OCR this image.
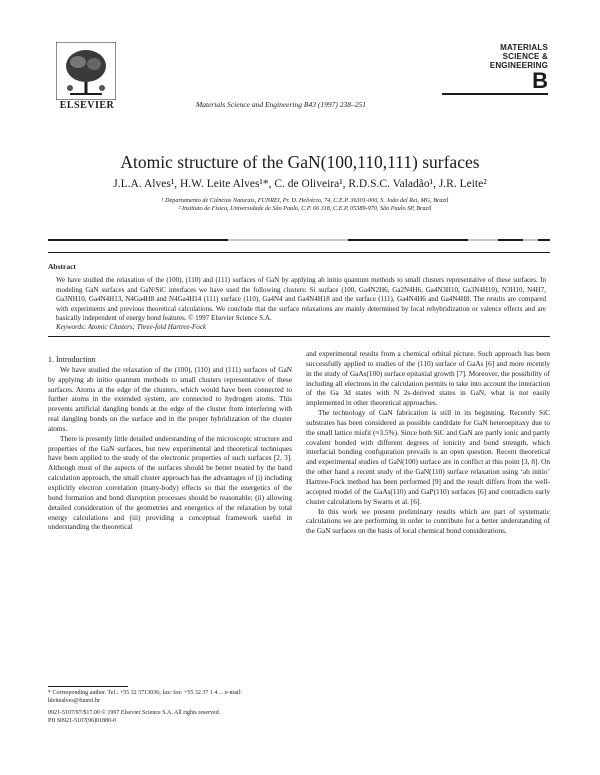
ELSEVIER	Materials Science and Engineering B43 (1997) 238–251
MATERIALS
SCIENCE &
ENGINEERING
B
Atomic structure of the GaN(100,110,111) surfaces
J.L.A. Alves¹, H.W. Leite Alves¹*, C. de Oliveira¹, R.D.S.C. Valadão¹, J.R. Leite²
¹ Departamento de Ciências Naturais, FUNREI, Pr. D. Helvécio, 74, C.E.P. 36301-000, S. João del Rei, MG, Brazil
² Instituto de Física, Universidade de São Paulo, C.P. 66 318, C.E.P. 05389-970, São Paulo SP, Brazil
Abstract
We have studied the relaxation of the (100), (110) and (111) surfaces of GaN by applying ab initio quantum methods to small clusters representative of these surfaces. In modeling GaN surfaces and GaN/SiC interfaces we have used the following clusters: Si surface (100, Ga4N2H6, Ga2N4H6, Ga4N3H10, Ga3N4H10), N3H10, N4H7, Ga3NH10, Ga4N4H13, N4Ga4H8 and N4Ga4H14 (111) surface (110), Ga4N4 and Ga4N4H18 and the surface (111), Ga4N4H6 and Ga4N4H8. The results are compared with experiments and previous theoretical calculations. We conclude that the surface relaxations are mainly determined by local rehybridization or valence effects and are basically independent of energy bond features. © 1997 Elsevier Science S.A.
Keywords: Atomic Clusters; Three-fold Hartree-Fock

1. Introduction

We have studied the relaxation of the (100), (110) and (111) surfaces of GaN by applying ab initio quantum methods to small clusters representative of these surfaces. Atoms at the edge of the clusters, which would have been connected to further atoms in the extended system, are connected to hydrogen atoms. This prevents artificial dangling bonds at the edge of the cluster from interfering with real dangling bonds on the surface and in the proper hybridization of the cluster atoms.

There is presently little detailed understanding of the microscopic structure and properties of the GaN surfaces, but new experimental and theoretical techniques have been applied to the study of the electronic properties of such surfaces [2, 3]. Although most of the aspects of the surfaces should be better treated by the band calculation approach, the small cluster approach has the advantages of (i) including explicitly electron correlation (many-body) effects so that the energetics of the bond formation and bond disruption processes should be reasonable; (ii) allowing detailed consideration of the geometries and energetics of the relaxation by total energy calculations and (iii) providing a conceptual framework useful in understanding the theoretical

and experimental results from a chemical orbital picture. Such approach has been successfully applied to studies of the (110) surface of GaAs [6] and more recently in the study of GaAs(100) surface epitaxial growth [7]. Moreover, the possibility of including all electrons in the calculation permits to take into account the interaction of the Ga 3d states with N 2s-derived states in GaN, what is not easily implemented in other theoretical approaches.

The technology of GaN fabrication is still in its beginning. Recently SiC substrates has been considered as possible candidate for GaN heteroepitaxy due to the small lattice misfit (≈3.5%). Since both SiC and GaN are partly ionic and partly covalent bonded with different degrees of ionicity and bond strength, which interfacial bonding configuration prevails is an open question. Recent theoretical and experimental studies of GaN(100) surface are in conflict at this point [3, 8]. On the other hand a recent study of the GaN(110) surface relaxation using ‘ab initio’ Hartree-Fock method has been performed [9] and the result differs from the well-accepted model of the GaAs(110) and GaP(110) surfaces [6] and contradicts early cluster calculations by Swarts et al. [6].

In this work we present preliminary results which are part of systematic calculations we are performing in order to contribute for a better understanding of the GaN surfaces on the basis of local chemical bond considerations.

* Corresponding author. Tel.: +55 32 3713036; fax: fax: +55 32 37 1 4 ... e-mail: hleitealves@funrei.br
0921-5107/97/$17.00 © 1997 Elsevier Science S.A. All rights reserved.
PII S0921-5107(96)01880-0
